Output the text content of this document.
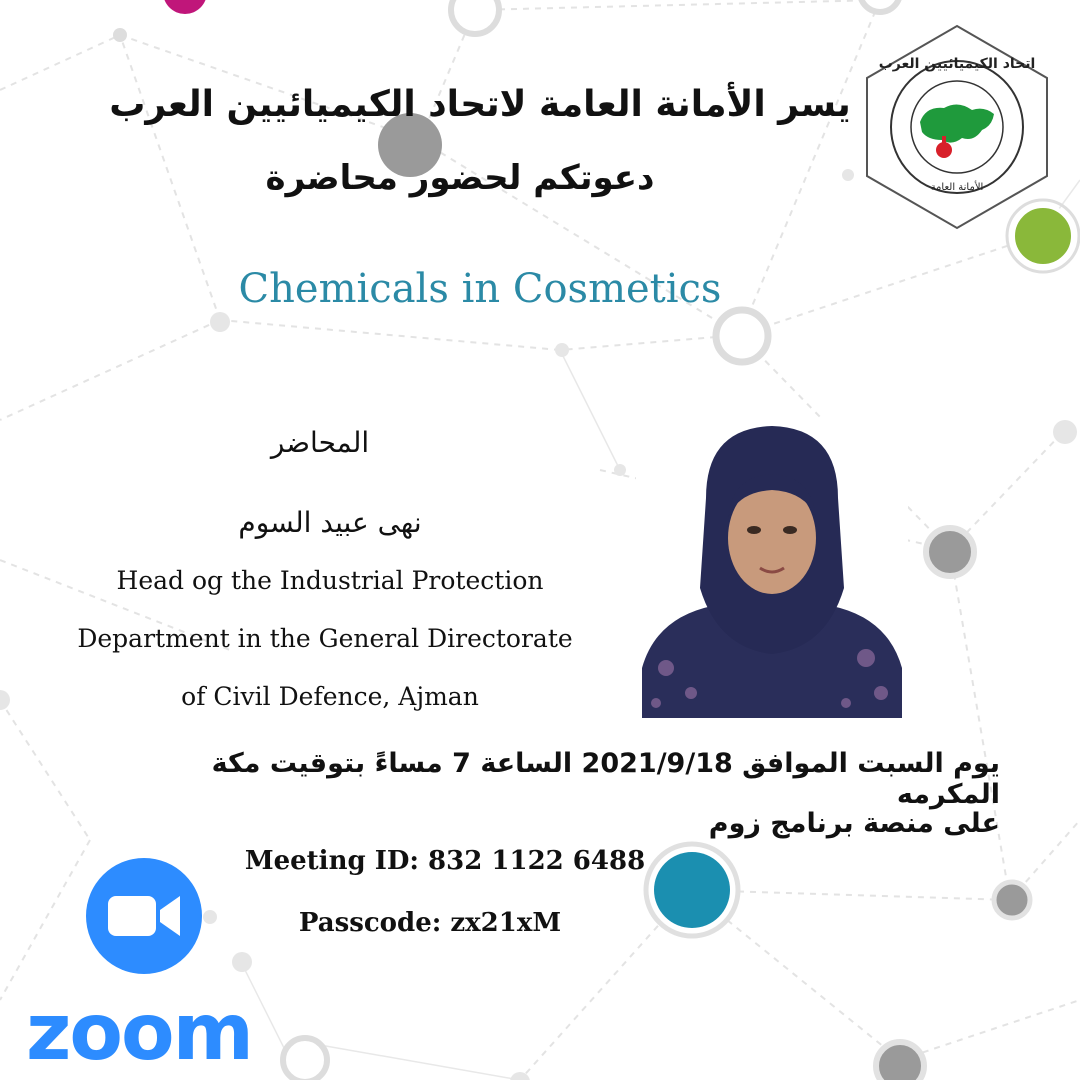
اتحاد الكيميائيين العرب
الأمانة العامة
يسر الأمانة العامة لاتحاد الكيميائيين العرب
دعوتكم لحضور محاضرة
Chemicals in Cosmetics
المحاضر
نهى عبيد السوم
Head og the Industrial Protection
Department in the General Directorate
of Civil Defence, Ajman
يوم السبت الموافق 2021/9/18 الساعة 7 مساءً بتوقيت مكة المكرمه
على منصة برنامج زوم
Meeting ID: 832 1122 6488
Passcode: zx21xM
zoom
